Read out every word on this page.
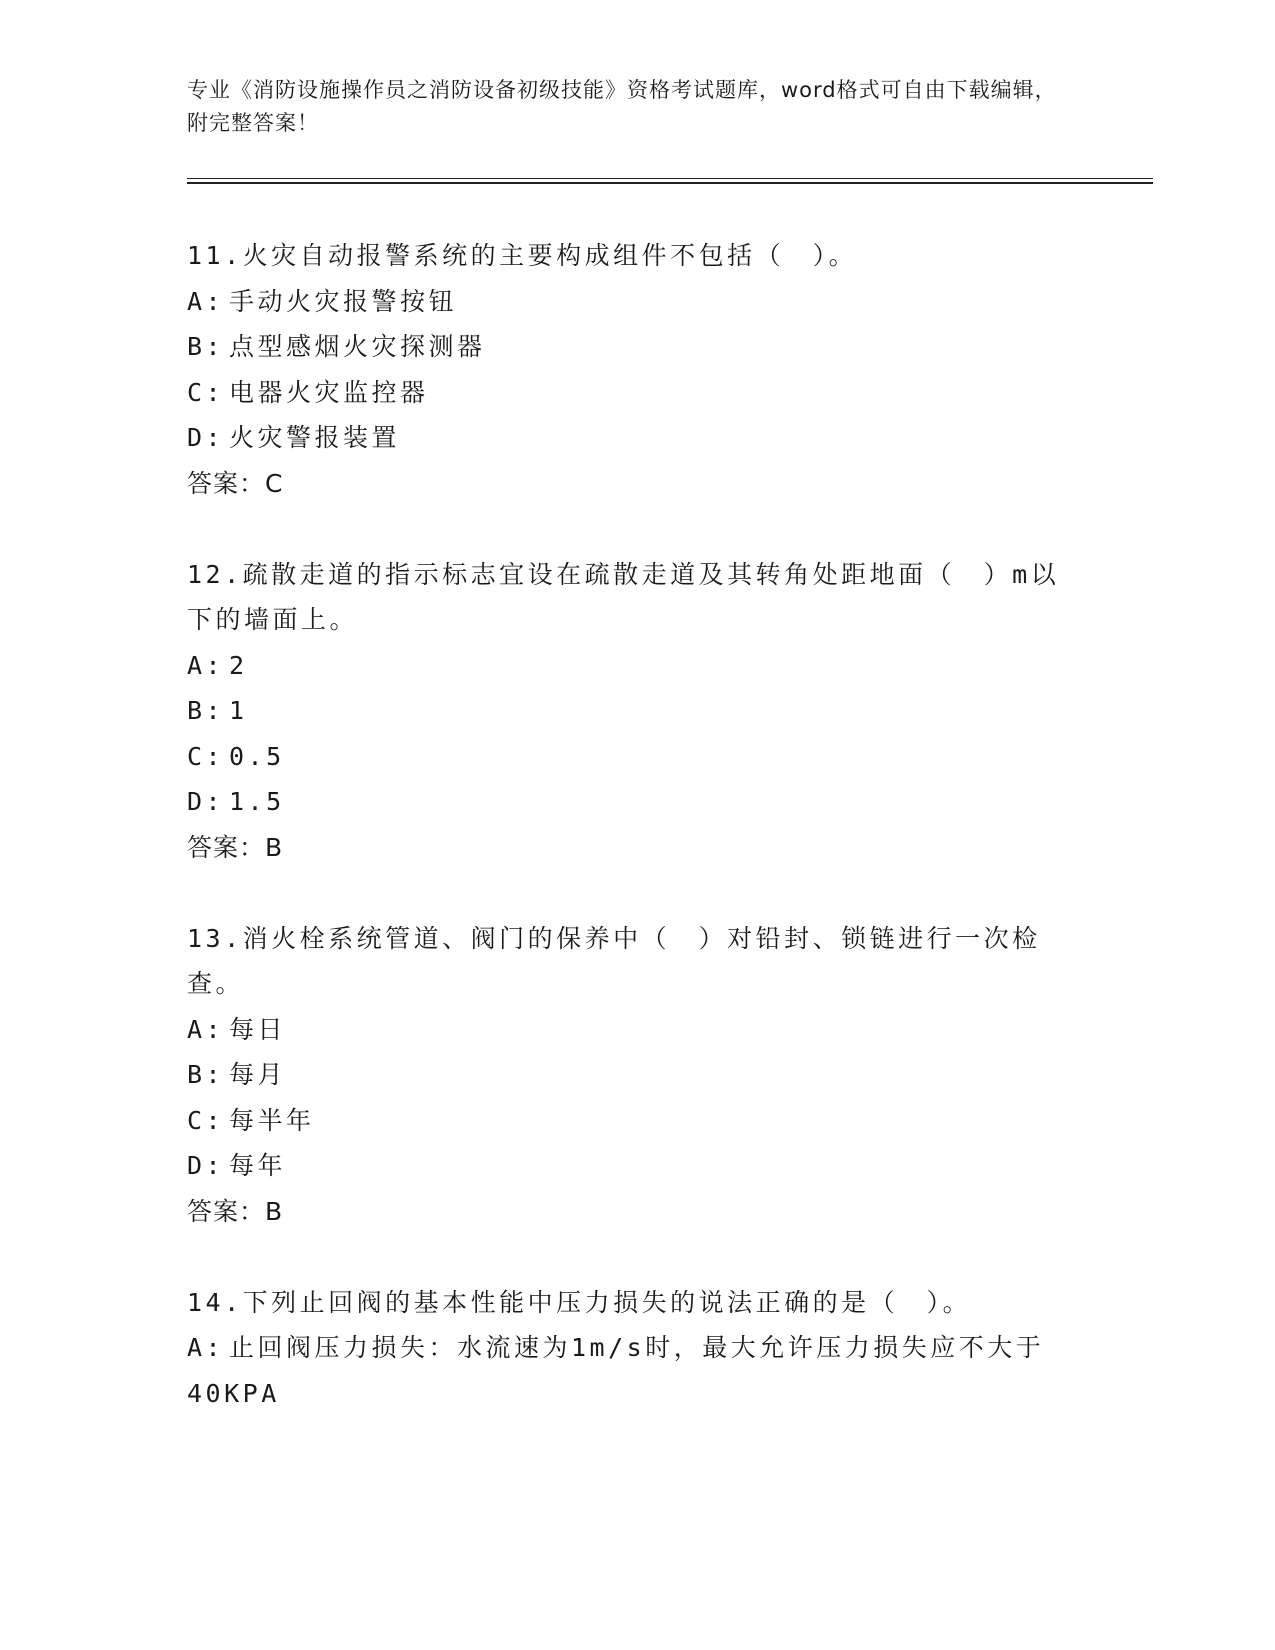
专业《消防设施操作员之消防设备初级技能》资格考试题库，word格式可自由下载编辑，附完整答案！
11.火灾自动报警系统的主要构成组件不包括（　）。
A: 手动火灾报警按钮
B: 点型感烟火灾探测器
C: 电器火灾监控器
D: 火灾警报装置
答案：C
12.疏散走道的指示标志宜设在疏散走道及其转角处距地面（　）m以下的墙面上。
A: 2
B: 1
C: 0.5
D: 1.5
答案：B
13.消火栓系统管道、阀门的保养中（　）对铅封、锁链进行一次检查。
A: 每日
B: 每月
C: 每半年
D: 每年
答案：B
14.下列止回阀的基本性能中压力损失的说法正确的是（　）。
A: 止回阀压力损失：水流速为1m/s时，最大允许压力损失应不大于40KPA
